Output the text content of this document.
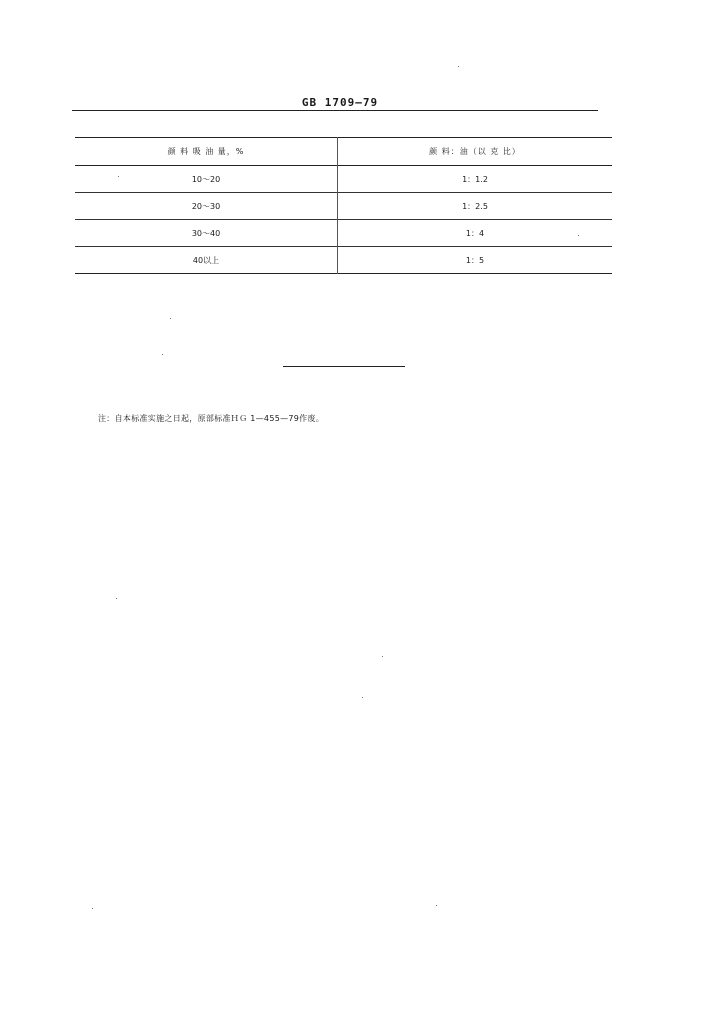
GB 1709—79
颜 料 吸 油 量，%	颜 料：油（以 克 比）
10～20	1：1.2
20～30	1：2.5
30～40	1：4
40以上	1：5
注：自本标准实施之日起，原部标准ＨＧ 1—455—79作废。
